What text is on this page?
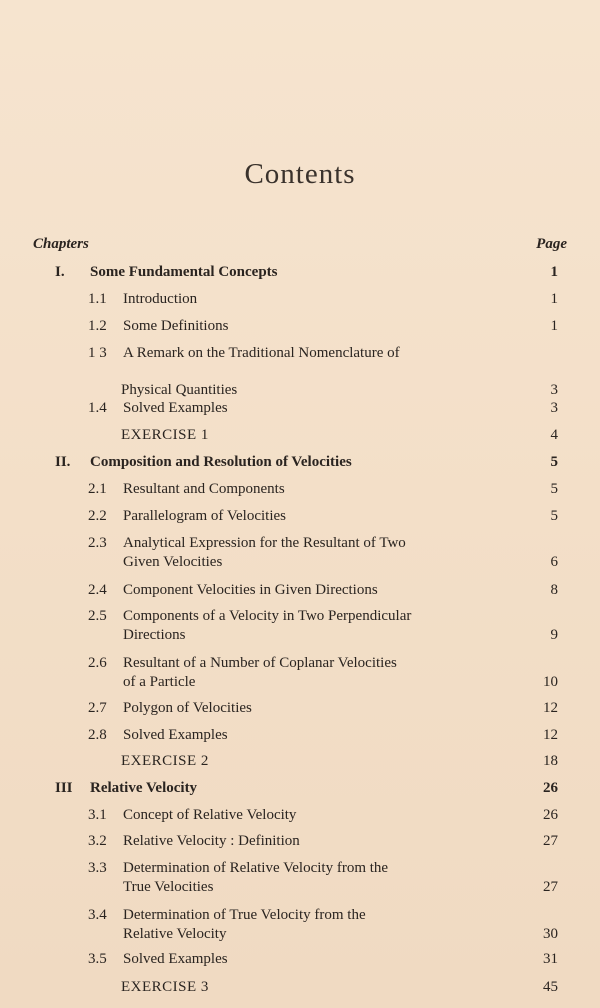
Contents
Chapters	Page
I. Some Fundamental Concepts	1
1.1 Introduction	1
1.2 Some Definitions	1
1 3 A Remark on the Traditional Nomenclature of
Physical Quantities	3
1.4 Solved Examples	3
EXERCISE 1	4
II. Composition and Resolution of Velocities	5
2.1 Resultant and Components	5
2.2 Parallelogram of Velocities	5
2.3 Analytical Expression for the Resultant of Two
Given Velocities	6
2.4 Component Velocities in Given Directions	8
2.5 Components of a Velocity in Two Perpendicular
Directions	9
2.6 Resultant of a Number of Coplanar Velocities
of a Particle	10
2.7 Polygon of Velocities	12
2.8 Solved Examples	12
EXERCISE 2	18
III Relative Velocity	26
3.1 Concept of Relative Velocity	26
3.2 Relative Velocity : Definition	27
3.3 Determination of Relative Velocity from the
True Velocities	27
3.4 Determination of True Velocity from the
Relative Velocity	30
3.5 Solved Examples	31
EXERCISE 3	45
